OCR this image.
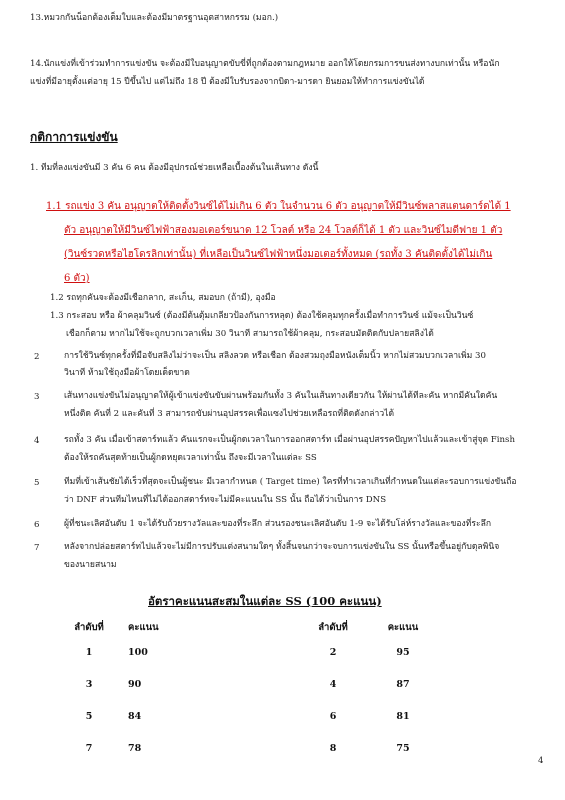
13.หมวกกันน็อกต้องเต็มใบและต้องมีมาตรฐานอุตสาหกรรม (มอก.)
14.นักแข่งที่เข้าร่วมทำการแข่งขัน จะต้องมีใบอนุญาตขับขี่ที่ถูกต้องตามกฎหมาย ออกให้โดยกรมการขนส่งทางบกเท่านั้น หรือนัก
แข่งที่มีอายุตั้งแต่อายุ 15 ปีขึ้นไป แต่ไม่ถึง 18 ปี ต้องมีใบรับรองจากบิดา-มารดา ยินยอมให้ทำการแข่งขันได้
กติกาการแข่งขัน
1. ทีมที่ลงแข่งขันมี 3 คัน 6 คน ต้องมีอุปกรณ์ช่วยเหลือเบื้องต้นในเส้นทาง ดังนี้
1.1 รถแข่ง 3 คัน อนุญาตให้ติดตั้งวินซ์ได้ไม่เกิน 6 ตัว ในจำนวน 6 ตัว อนุญาตให้มีวินซ์พลาสแตนดาร์ดได้ 1
ตัว อนุญาตให้มีวินซ์ไฟฟ้าสองมอเตอร์ขนาด 12 โวลต์ หรือ 24 โวลต์ก็ได้ 1 ตัว และวินซ์ไมดีฟาย 1 ตัว
(วินซ์รวดหรือไฮโดรลิกเท่านั้น) ที่เหลือเป็นวินซ์ไฟฟ้าหนึ่งมอเตอร์ทั้งหมด (รถทั้ง 3 คันติดตั้งได้ไม่เกิน
6 ตัว)
1.2 รถทุกคันจะต้องมีเชือกลาก, สะเก็น, สมอบก (ถ้ามี), อุงมือ
1.3 กระสอบ หรือ ผ้าคลุมวินซ์ (ต้องมีต้นตุ้มเกลียวป้องกันการหลุด) ต้องใช้คลุมทุกครั้งเมื่อทำการวินซ์ แม้จะเป็นวินซ์
เชือกก็ตาม หากไม่ใช้จะถูกบวกเวลาเพิ่ม 30 วินาที สามารถใช้ผ้าคลุม, กระสอบมัดติดกับปลายสลิงได้
2	การใช้วินซ์ทุกครั้งที่มือจับสลิงไม่ว่าจะเป็น สลิงลวด หรือเชือก ต้องสวมถุงมือหนังเต็มนิ้ว หากไม่สวมบวกเวลาเพิ่ม 30
วินาที ห้ามใช้ถุงมือผ้าโดยเด็ดขาด
3	เส้นทางแข่งขันไม่อนุญาตให้ผู้เข้าแข่งขันขับผ่านพร้อมกันทั้ง 3 คันในเส้นทางเดียวกัน ให้ผ่านได้ทีละคัน หากมีคันใดคัน
หนึ่งติด คันที่ 2 และคันที่ 3 สามารถขับผ่านอุปสรรคเพื่อแซงไปช่วยเหลือรถที่ติดดังกล่าวได้
4	รถทั้ง 3 คัน เมื่อเข้าสตาร์ทแล้ว คันแรกจะเป็นผู้กดเวลาในการออกสตาร์ท เมื่อผ่านอุปสรรคปัญหาไปแล้วและเข้าสู่จุด Finsh
ต้องให้รถคันสุดท้ายเป็นผู้กดหยุดเวลาเท่านั้น ถึงจะมีเวลาในแต่ละ SS
5	ทีมที่เข้าเส้นชัยได้เร็วที่สุดจะเป็นผู้ชนะ มีเวลากำหนด ( Target time) ใครที่ทำเวลาเกินที่กำหนดในแต่ละรอบการแข่งขันถือ
ว่า DNF ส่วนทีมไหนที่ไม่ได้ออกสตาร์ทจะไม่มีคะแนนใน SS นั้น ถือได้ว่าเป็นการ DNS
6	ผู้ที่ชนะเลิศอันดับ 1 จะได้รับถ้วยรางวัลและของที่ระลึก ส่วนรองชนะเลิศอันดับ 1-9 จะได้รับโล่ห์รางวัลและของที่ระลึก
7	หลังจากปล่อยสตาร์ทไปแล้วจะไม่มีการปรับแต่งสนามใดๆ ทั้งสิ้นจนกว่าจะจบการแข่งขันใน SS นั้นหรือขึ้นอยู่กับดุลพินิจ
ของนายสนาม
อัตราคะแนนสะสมในแต่ละ SS (100 คะแนน)
ลำดับที่	คะแนน	ลำดับที่	คะแนน
1	100	2	95
3	90	4	87
5	84	6	81
7	78	8	75
4
